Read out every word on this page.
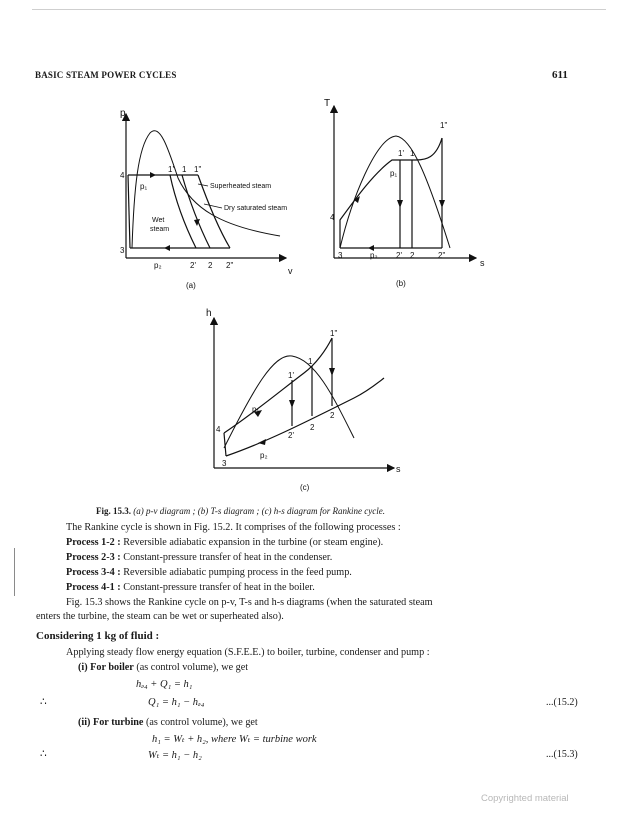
BASIC STEAM POWER CYCLES	611
p
v
4
1' 1 1"
p₁
3
p₂	2' 2 2"
Superheated steam
Dry saturated steam
Wet
steam
(a)
T
s
1"
1' 1
p₁
4
3	p₂ 2' 2	2"
(b)
h
s
1"
1
1'
p₁
4
3
p₂
2'
2
2
(c)
Fig. 15.3. (a) p-v diagram ; (b) T-s diagram ; (c) h-s diagram for Rankine cycle.
The Rankine cycle is shown in Fig. 15.2. It comprises of the following processes :
Process 1-2 : Reversible adiabatic expansion in the turbine (or steam engine).
Process 2-3 : Constant-pressure transfer of heat in the condenser.
Process 3-4 : Reversible adiabatic pumping process in the feed pump.
Process 4-1 : Constant-pressure transfer of heat in the boiler.
Fig. 15.3 shows the Rankine cycle on p-v, T-s and h-s diagrams (when the saturated steam
enters the turbine, the steam can be wet or superheated also).
Considering 1 kg of fluid :
Applying steady flow energy equation (S.F.E.E.) to boiler, turbine, condenser and pump :
(i) For boiler (as control volume), we get
hₔ₄ + Q₁ = h₁
∴	Q₁ = h₁ − hₔ₄	...(15.2)
(ii) For turbine (as control volume), we get
h₁ = Wₜ + h₂, where Wₜ = turbine work
∴	Wₜ = h₁ − h₂	...(15.3)
Copyrighted material
